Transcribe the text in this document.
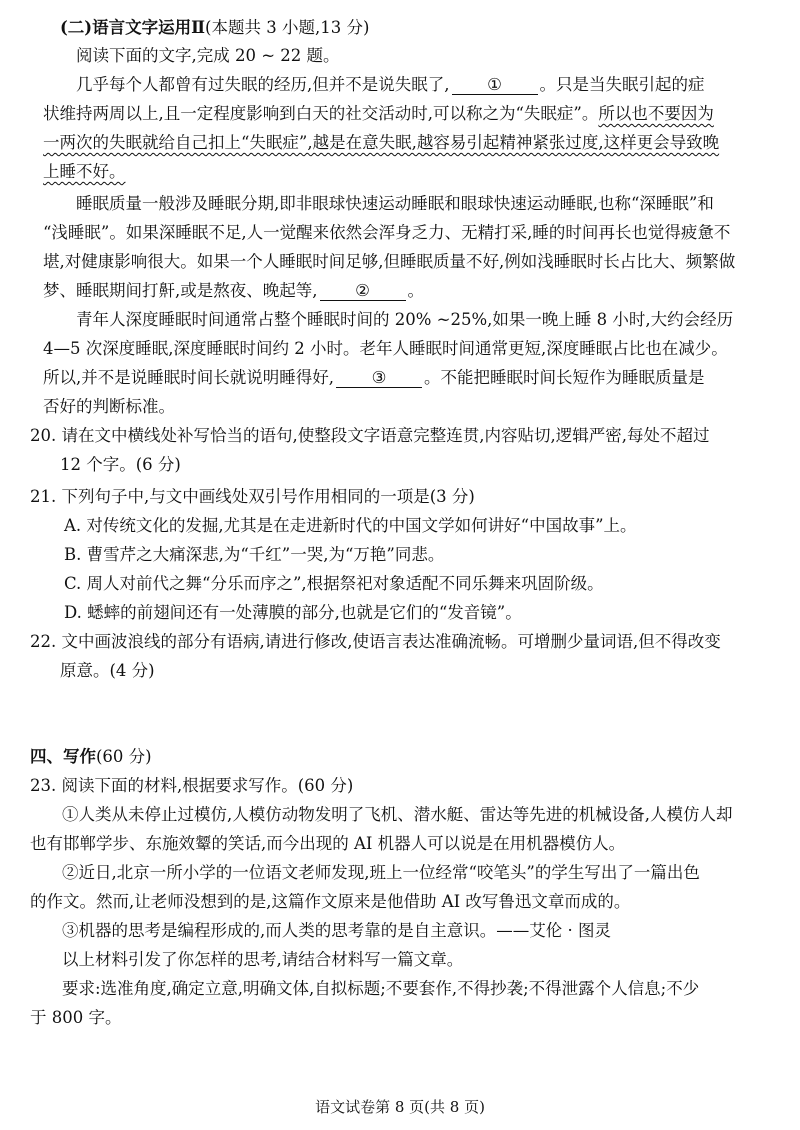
(二)语言文字运用Ⅱ(本题共 3 小题,13 分)
阅读下面的文字,完成 20 ~ 22 题。
几乎每个人都曾有过失眠的经历,但并不是说失眠了, ① 。只是当失眠引起的症
状维持两周以上,且一定程度影响到白天的社交活动时,可以称之为“失眠症”。所以也不要因为
一两次的失眠就给自己扣上“失眠症”,越是在意失眠,越容易引起精神紧张过度,这样更会导致晚
上睡不好。
睡眠质量一般涉及睡眠分期,即非眼球快速运动睡眠和眼球快速运动睡眠,也称“深睡眠”和
“浅睡眠”。如果深睡眠不足,人一觉醒来依然会浑身乏力、无精打采,睡的时间再长也觉得疲惫不
堪,对健康影响很大。如果一个人睡眠时间足够,但睡眠质量不好,例如浅睡眠时长占比大、频繁做
梦、睡眠期间打鼾,或是熬夜、晚起等, ② 。
青年人深度睡眠时间通常占整个睡眠时间的 20% ~25%,如果一晚上睡 8 小时,大约会经历
4—5 次深度睡眠,深度睡眠时间约 2 小时。老年人睡眠时间通常更短,深度睡眠占比也在减少。
所以,并不是说睡眠时间长就说明睡得好, ③ 。不能把睡眠时间长短作为睡眠质量是
否好的判断标准。
20. 请在文中横线处补写恰当的语句,使整段文字语意完整连贯,内容贴切,逻辑严密,每处不超过
12 个字。(6 分)
21. 下列句子中,与文中画线处双引号作用相同的一项是(3 分)
A. 对传统文化的发掘,尤其是在走进新时代的中国文学如何讲好“中国故事”上。
B. 曹雪芹之大痛深悲,为“千红”一哭,为“万艳”同悲。
C. 周人对前代之舞“分乐而序之”,根据祭祀对象适配不同乐舞来巩固阶级。
D. 蟋蟀的前翅间还有一处薄膜的部分,也就是它们的“发音镜”。
22. 文中画波浪线的部分有语病,请进行修改,使语言表达准确流畅。可增删少量词语,但不得改变
原意。(4 分)
四、写作(60 分)
23. 阅读下面的材料,根据要求写作。(60 分)
①人类从未停止过模仿,人模仿动物发明了飞机、潜水艇、雷达等先进的机械设备,人模仿人却
也有邯郸学步、东施效颦的笑话,而今出现的 AI 机器人可以说是在用机器模仿人。
②近日,北京一所小学的一位语文老师发现,班上一位经常“咬笔头”的学生写出了一篇出色
的作文。然而,让老师没想到的是,这篇作文原来是他借助 AI 改写鲁迅文章而成的。
③机器的思考是编程形成的,而人类的思考靠的是自主意识。——艾伦 · 图灵
以上材料引发了你怎样的思考,请结合材料写一篇文章。
要求:选准角度,确定立意,明确文体,自拟标题;不要套作,不得抄袭;不得泄露个人信息;不少
于 800 字。
语文试卷第 8 页(共 8 页)
